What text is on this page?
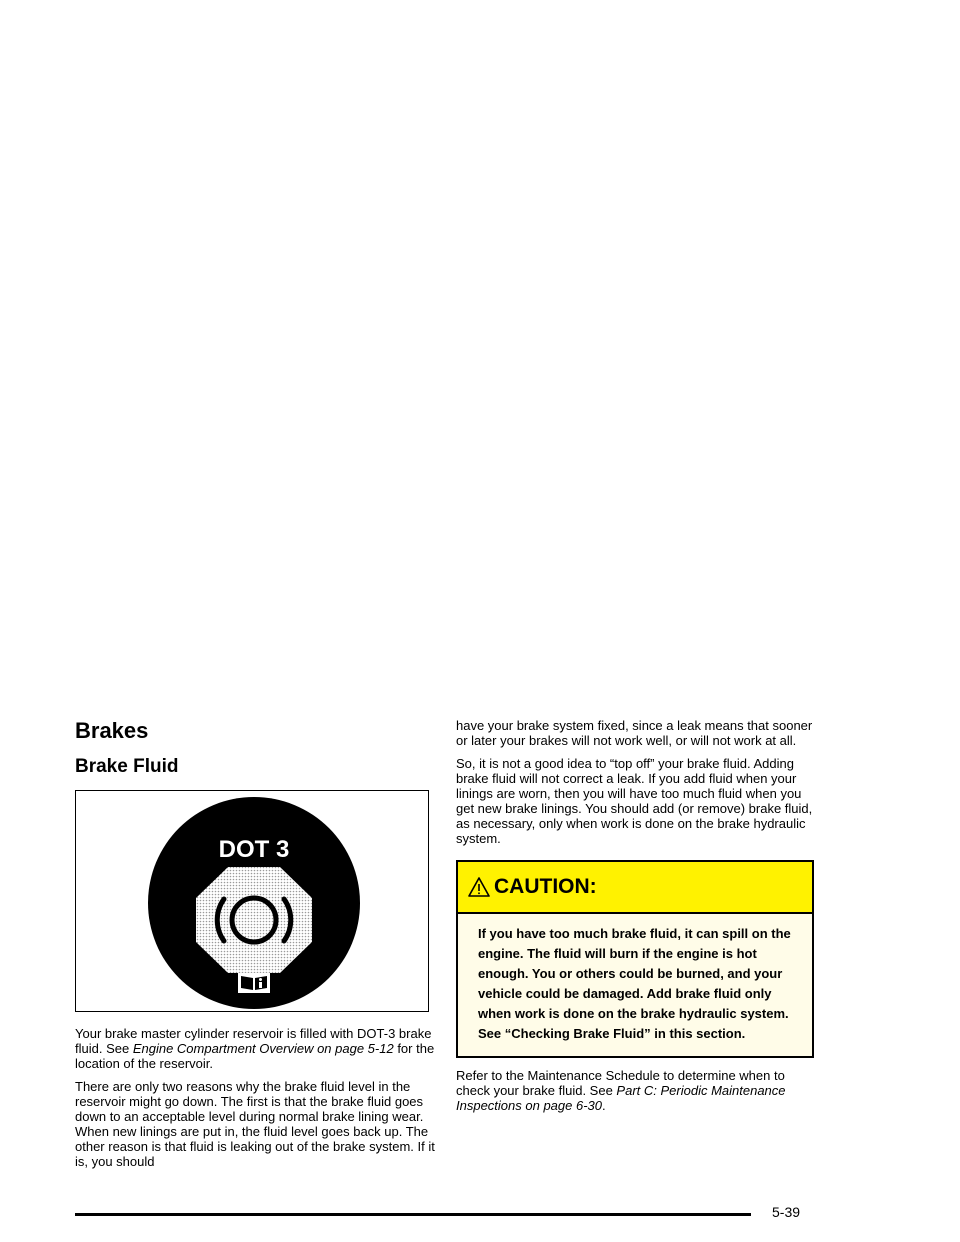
Brakes
Brake Fluid
DOT 3

Your brake master cylinder reservoir is filled with DOT-3 brake fluid. See Engine Compartment Overview on page 5-12 for the location of the reservoir.

There are only two reasons why the brake fluid level in the reservoir might go down. The first is that the brake fluid goes down to an acceptable level during normal brake lining wear. When new linings are put in, the fluid level goes back up. The other reason is that fluid is leaking out of the brake system. If it is, you should

have your brake system fixed, since a leak means that sooner or later your brakes will not work well, or will not work at all.

So, it is not a good idea to “top off” your brake fluid. Adding brake fluid will not correct a leak. If you add fluid when your linings are worn, then you will have too much fluid when you get new brake linings. You should add (or remove) brake fluid, as necessary, only when work is done on the brake hydraulic system.

CAUTION:

If you have too much brake fluid, it can spill on the engine. The fluid will burn if the engine is hot enough. You or others could be burned, and your vehicle could be damaged. Add brake fluid only when work is done on the brake hydraulic system. See “Checking Brake Fluid” in this section.

Refer to the Maintenance Schedule to determine when to check your brake fluid. See Part C: Periodic Maintenance Inspections on page 6-30.

5-39
